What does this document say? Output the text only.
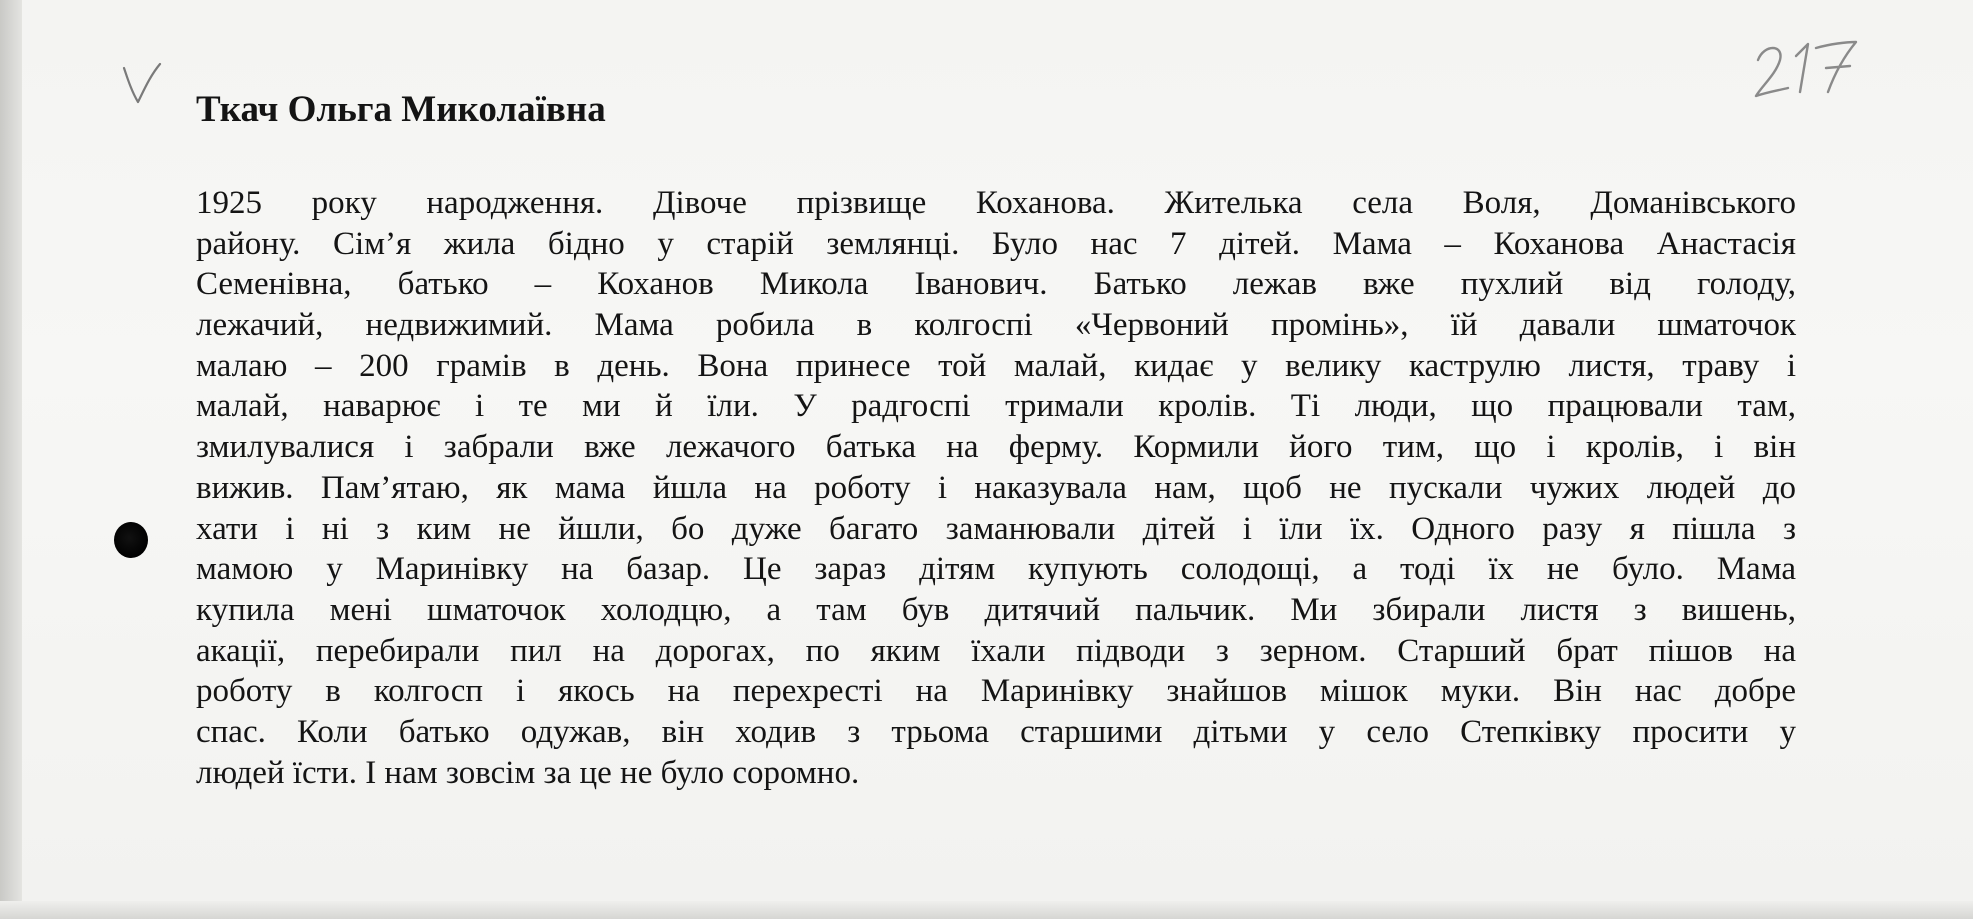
Ткач Ольга Миколаївна
1925 року народження. Дівоче прізвище Коханова. Жителька села Воля, Доманівського
району. Сім’я жила бідно у старій землянці. Було нас 7 дітей. Мама – Коханова Анастасія
Семенівна, батько – Коханов Микола Іванович. Батько лежав вже пухлий від голоду,
лежачий, недвижимий. Мама робила в колгоспі «Червоний промінь», їй давали шматочок
малаю – 200 грамів в день. Вона принесе той малай, кидає у велику каструлю листя, траву і
малай, наварює і те ми й їли. У радгоспі тримали кролів. Ті люди, що працювали там,
змилувалися і забрали вже лежачого батька на ферму. Кормили його тим, що і кролів, і він
вижив. Пам’ятаю, як мама йшла на роботу і наказувала нам, щоб не пускали чужих людей до
хати і ні з ким не йшли, бо дуже багато заманювали дітей і їли їх. Одного разу я пішла з
мамою у Маринівку на базар. Це зараз дітям купують солодощі, а тоді їх не було. Мама
купила мені шматочок холодцю, а там був дитячий пальчик. Ми збирали листя з вишень,
акації, перебирали пил на дорогах, по яким їхали підводи з зерном. Старший брат пішов на
роботу в колгосп і якось на перехресті на Маринівку знайшов мішок муки. Він нас добре
спас. Коли батько одужав, він ходив з трьома старшими дітьми у село Степківку просити у
людей їсти. І нам зовсім за це не було соромно.
